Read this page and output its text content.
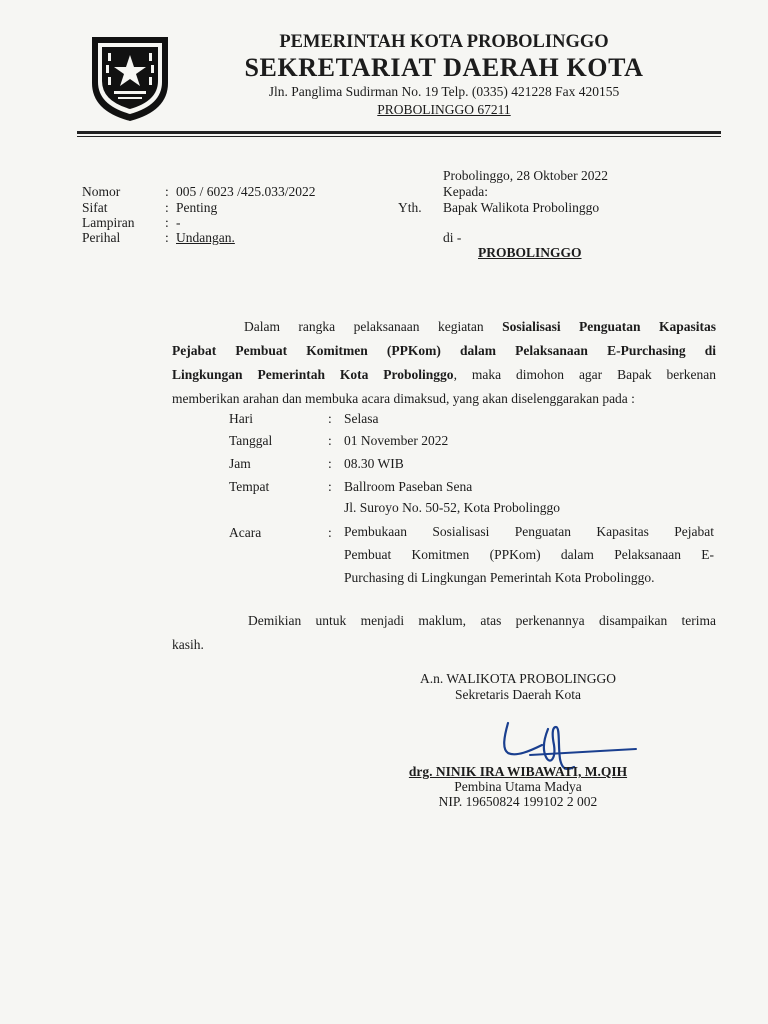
PEMERINTAH KOTA PROBOLINGGO
SEKRETARIAT DAERAH KOTA
Jln. Panglima Sudirman No. 19 Telp. (0335) 421228 Fax 420155
PROBOLINGGO 67211
Nomor	: 005 / 6023 /425.033/2022
Sifat	: Penting
Lampiran : -
Perihal	: Undangan.
Probolinggo, 28 Oktober 2022
Kepada:
Yth. Bapak Walikota Probolinggo
di -
PROBOLINGGO
Dalam rangka pelaksanaan kegiatan Sosialisasi Penguatan Kapasitas
Pejabat Pembuat Komitmen (PPKom) dalam Pelaksanaan E-Purchasing di
Lingkungan Pemerintah Kota Probolinggo, maka dimohon agar Bapak berkenan
memberikan arahan dan membuka acara dimaksud, yang akan diselenggarakan pada :
Hari	: Selasa
Tanggal	: 01 November 2022
Jam	: 08.30 WIB
Tempat	: Ballroom Paseban Sena
Jl. Suroyo No. 50-52, Kota Probolinggo
Acara	: Pembukaan Sosialisasi Penguatan Kapasitas Pejabat
Pembuat Komitmen (PPKom) dalam Pelaksanaan E-
Purchasing di Lingkungan Pemerintah Kota Probolinggo.
Demikian untuk menjadi maklum, atas perkenannya disampaikan terima
kasih.
A.n. WALIKOTA PROBOLINGGO
Sekretaris Daerah Kota
drg. NINIK IRA WIBAWATI, M.QIH
Pembina Utama Madya
NIP. 19650824 199102 2 002
